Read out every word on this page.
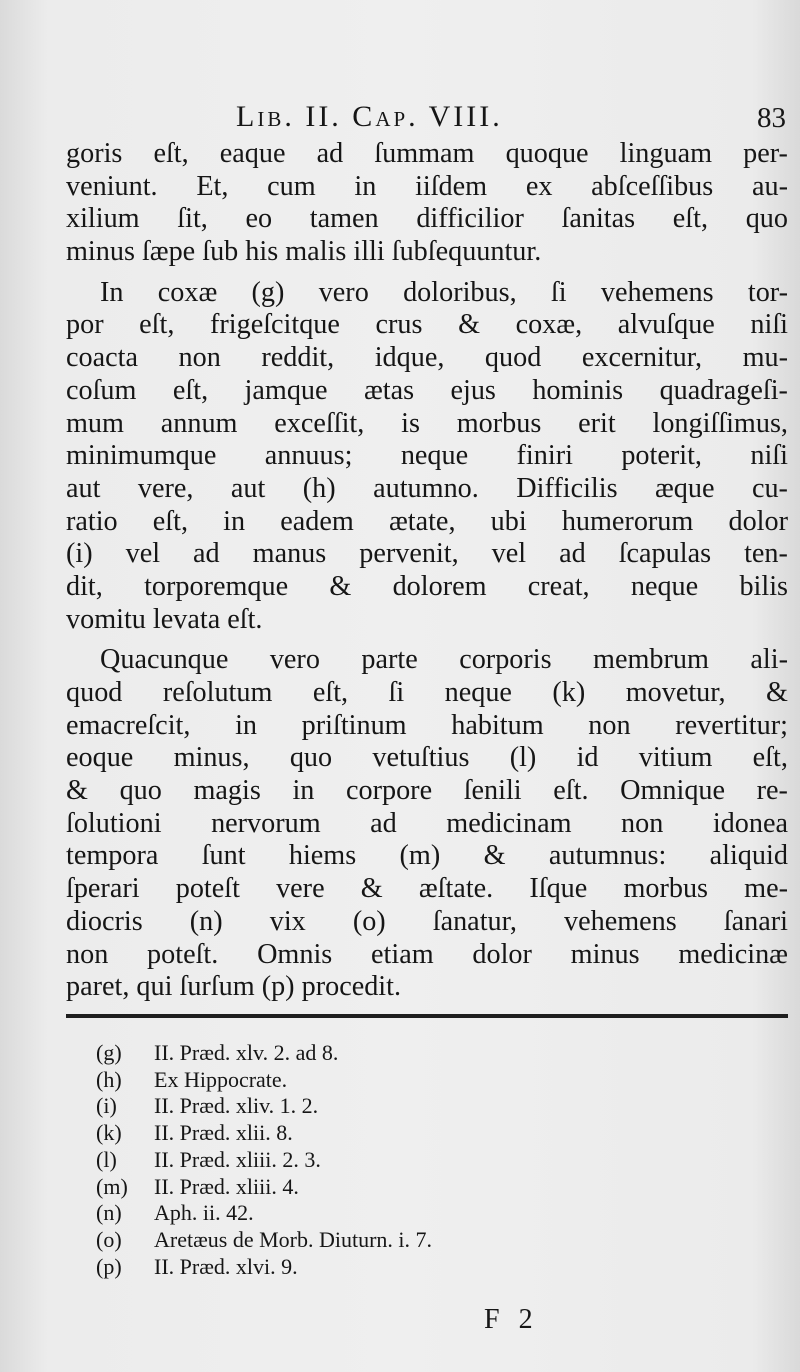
Lib. II. Cap. VIII.	83
goris eſt, eaque ad ſummam quoque linguam per-
veniunt. Et, cum in iiſdem ex abſceſſibus au-
xilium ſit, eo tamen difficilior ſanitas eſt, quo
minus ſæpe ſub his malis illi ſubſequuntur.
In coxæ (g) vero doloribus, ſi vehemens tor-
por eſt, frigeſcitque crus & coxæ, alvuſque niſi
coacta non reddit, idque, quod excernitur, mu-
coſum eſt, jamque ætas ejus hominis quadrageſi-
mum annum exceſſit, is morbus erit longiſſimus,
minimumque annuus; neque finiri poterit, niſi
aut vere, aut (h) autumno. Difficilis æque cu-
ratio eſt, in eadem ætate, ubi humerorum dolor
(i) vel ad manus pervenit, vel ad ſcapulas ten-
dit, torporemque & dolorem creat, neque bilis
vomitu levata eſt.
Quacunque vero parte corporis membrum ali-
quod reſolutum eſt, ſi neque (k) movetur, &
emacreſcit, in priſtinum habitum non revertitur;
eoque minus, quo vetuſtius (l) id vitium eſt,
& quo magis in corpore ſenili eſt. Omnique re-
ſolutioni nervorum ad medicinam non idonea
tempora ſunt hiems (m) & autumnus: aliquid
ſperari poteſt vere & æſtate. Iſque morbus me-
diocris (n) vix (o) ſanatur, vehemens ſanari
non poteſt. Omnis etiam dolor minus medicinæ
paret, qui ſurſum (p) procedit.
(g) II. Præd. xlv. 2. ad 8.
(h) Ex Hippocrate.
(i) II. Præd. xliv. 1. 2.
(k) II. Præd. xlii. 8.
(l) II. Præd. xliii. 2. 3.
(m) II. Præd. xliii. 4.
(n) Aph. ii. 42.
(o) Aretæus de Morb. Diuturn. i. 7.
(p) II. Præd. xlvi. 9.
F 2
